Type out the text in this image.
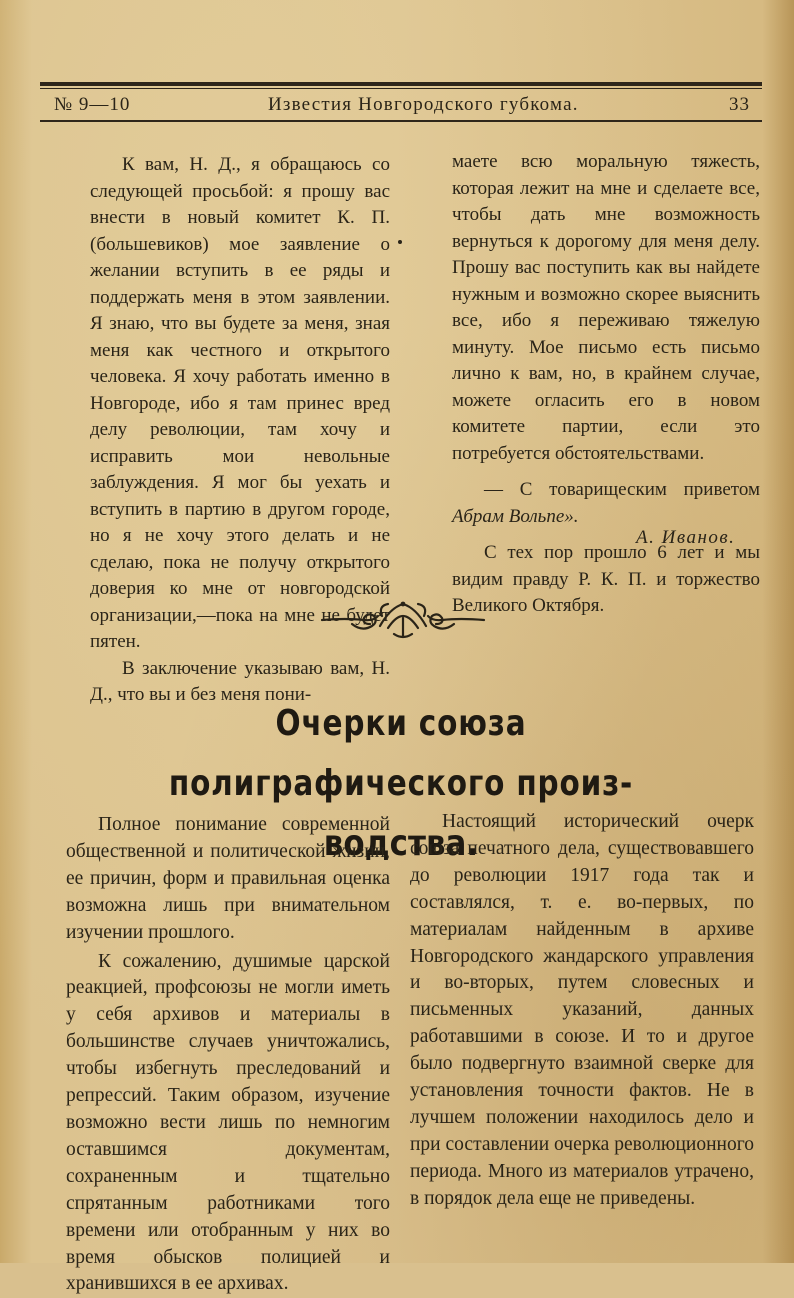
№ 9—10	Известия Новгородского губкома.	33

К вам, Н. Д., я обращаюсь со следующей просьбой: я прошу вас внести в новый комитет К. П. (большевиков) мое заявление о желании вступить в ее ряды и поддержать меня в этом заявлении. Я знаю, что вы будете за меня, зная меня как честного и открытого человека. Я хочу работать именно в Новгороде, ибо я там принес вред делу революции, там хочу и исправить мои невольные заблуждения. Я мог бы уехать и вступить в партию в другом городе, но я не хочу этого делать и не сделаю, пока не получу открытого доверия ко мне от новгородской организации,—пока на мне не будет пятен.

В заключение указываю вам, Н. Д., что вы и без меня пони-

маете всю моральную тяжесть, которая лежит на мне и сделаете все, чтобы дать мне возможность вернуться к дорогому для меня делу. Прошу вас поступить как вы найдете нужным и возможно скорее выяснить все, ибо я переживаю тяжелую минуту. Мое письмо есть письмо лично к вам, но, в крайнем случае, можете огласить его в новом комитете партии, если это потребуется обстоятельствами.

— С товарищеским приветом Абрам Вольпе».

С тех пор прошло 6 лет и мы видим правду Р. К. П. и торжество Великого Октября.

А. Иванов.
Очерки союза полиграфического произ-
водства.

Полное понимание современной общественной и политической жизни, ее причин, форм и правильная оценка возможна лишь при внимательном изучении прошлого.

К сожалению, душимые царской реакцией, профсоюзы не могли иметь у себя архивов и материалы в большинстве случаев уничтожались, чтобы избегнуть преследований и репрессий. Таким образом, изучение возможно вести лишь по немногим оставшимся документам, сохраненным и тщательно спрятанным работниками того времени или отобранным у них во время обысков полицией и хранившихся в ее архивах.

Настоящий исторический очерк союза печатного дела, существовавшего до революции 1917 года так и составлялся, т. е. во-первых, по материалам найденным в архиве Новгородского жандарского управления и во-вторых, путем словесных и письменных указаний, данных работавшими в союзе. И то и другое было подвергнуто взаимной сверке для установления точности фактов. Не в лучшем положении находилось дело и при составлении очерка революционного периода. Много из материалов утрачено, в порядок дела еще не приведены.
